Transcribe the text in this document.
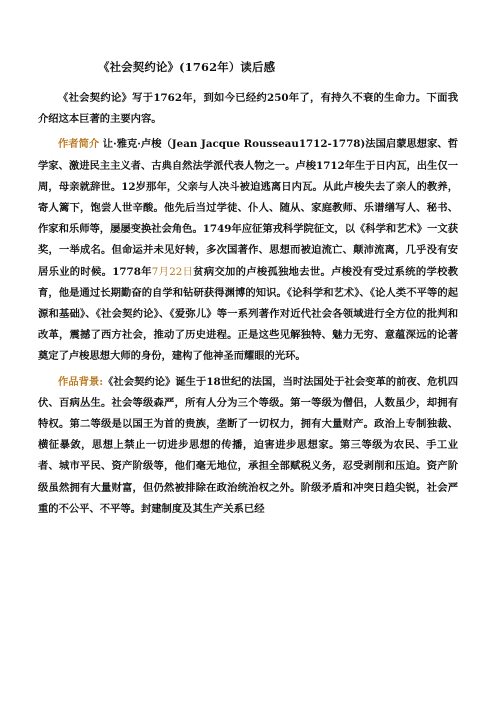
《社会契约论》(1762年）读后感

《社会契约论》写于1762年，到如今已经约250年了，有持久不衰的生命力。下面我介绍这本巨著的主要内容。

作者简介 让·雅克·卢梭（Jean Jacque Rousseau1712-1778)法国启蒙思想家、哲学家、激进民主主义者、古典自然法学派代表人物之一。卢梭1712年生于日内瓦，出生仅一周，母亲就辞世。12岁那年，父亲与人决斗被迫逃离日内瓦。从此卢梭失去了亲人的教养，寄人篱下，饱尝人世辛酸。他先后当过学徒、仆人、随从、家庭教师、乐谱缮写人、秘书、作家和乐师等，屡屡变换社会角色。1749年应征第戎科学院征文，以《科学和艺术》一文获奖，一举成名。但命运并未见好转，多次国著作、思想而被迫流亡、颠沛流离，几乎没有安居乐业的时候。1778年7月22日贫病交加的卢梭孤独地去世。卢梭没有受过系统的学校教育，他是通过长期勤奋的自学和钻研获得渊博的知识。《论科学和艺术》、《论人类不平等的起源和基础》、《社会契约论》、《爱弥儿》等一系列著作对近代社会各领域进行全方位的批判和改革，震撼了西方社会，推动了历史进程。正是这些见解独特、魅力无穷、意蕴深远的论著奠定了卢梭思想大师的身份，建构了他神圣而耀眼的光环。

作品背景:《社会契约论》诞生于18世纪的法国，当时法国处于社会变革的前夜、危机四伏、百病丛生。社会等级森严，所有人分为三个等级。第一等级为僧侣，人数虽少，却拥有特权。第二等级是以国王为首的贵族，垄断了一切权力，拥有大量财产。政治上专制独裁、横征暴敛，思想上禁止一切进步思想的传播，迫害进步思想家。第三等级为农民、手工业者、城市平民、资产阶级等，他们毫无地位，承担全部赋税义务，忍受剥削和压迫。资产阶级虽然拥有大量财富，但仍然被排除在政治统治权之外。阶级矛盾和冲突日趋尖锐，社会严重的不公平、不平等。封建制度及其生产关系已经
